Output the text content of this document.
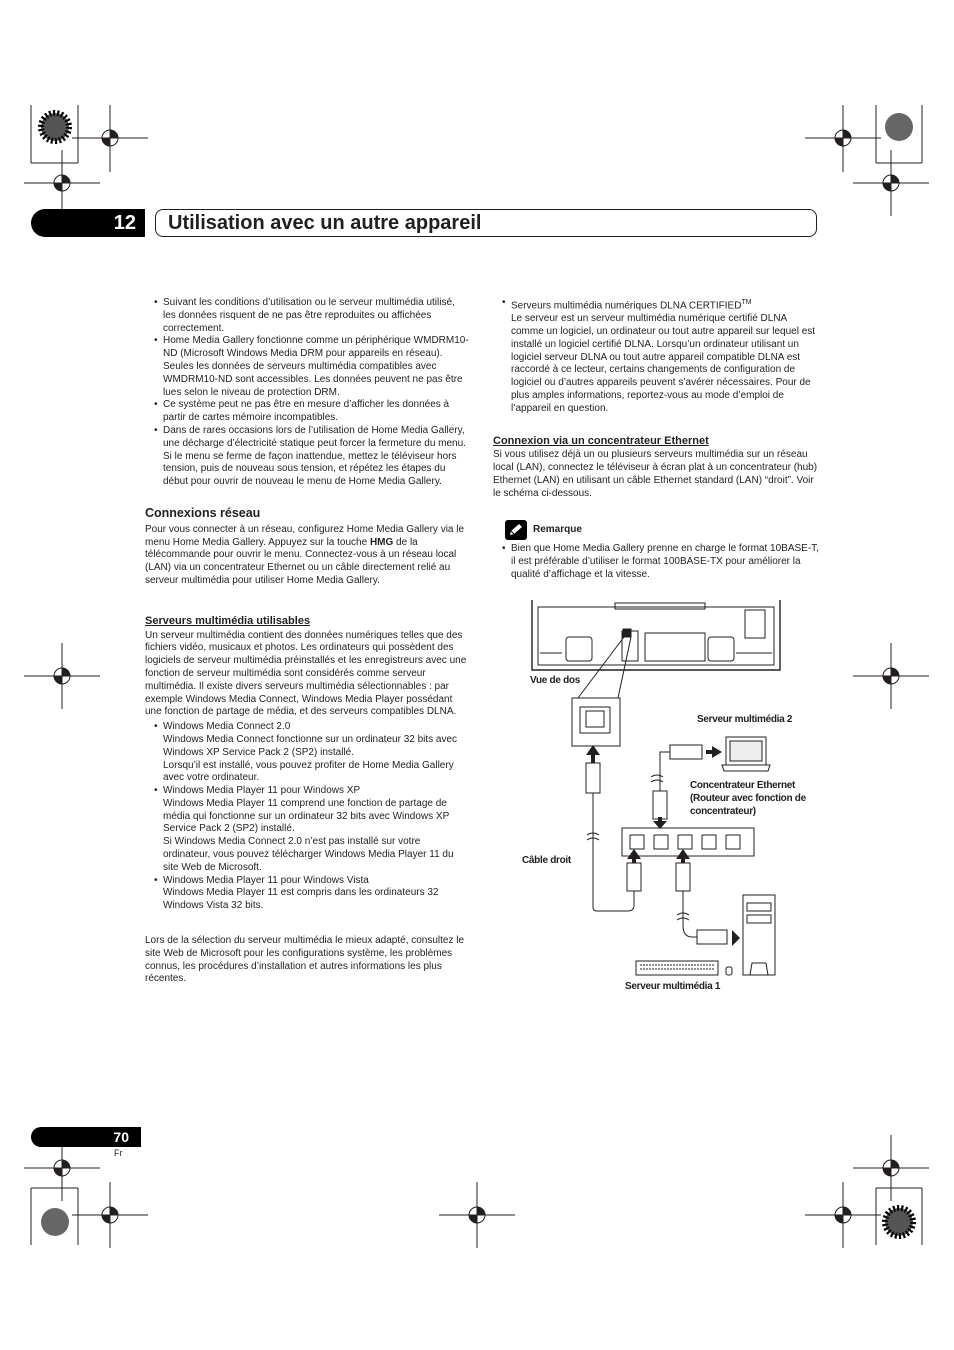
12	Utilisation avec un autre appareil

• Suivant les conditions d’utilisation ou le serveur multimédia utilisé, les données risquent de ne pas être reproduites ou affichées correctement.

• Home Media Gallery fonctionne comme un périphérique WMDRM10-ND (Microsoft Windows Media DRM pour appareils en réseau). Seules les données de serveurs multimédia compatibles avec WMDRM10-ND sont accessibles. Les données peuvent ne pas être lues selon le niveau de protection DRM.

• Ce système peut ne pas être en mesure d’afficher les données à partir de cartes mémoire incompatibles.

• Dans de rares occasions lors de l’utilisation de Home Media Gallery, une décharge d’électricité statique peut forcer la fermeture du menu. Si le menu se ferme de façon inattendue, mettez le téléviseur hors tension, puis de nouveau sous tension, et répétez les étapes du début pour ouvrir de nouveau le menu de Home Media Gallery.

Connexions réseau

Pour vous connecter à un réseau, configurez Home Media Gallery via le menu Home Media Gallery. Appuyez sur la touche HMG de la télécommande pour ouvrir le menu. Connectez-vous à un réseau local (LAN) via un concentrateur Ethernet ou un câble directement relié au serveur multimédia pour utiliser Home Media Gallery.

Serveurs multimédia utilisables

Un serveur multimédia contient des données numériques telles que des fichiers vidéo, musicaux et photos. Les ordinateurs qui possèdent des logiciels de serveur multimédia préinstallés et les enregistreurs avec une fonction de serveur multimédia sont considérés comme serveur multimédia. Il existe divers serveurs multimédia sélectionnables : par exemple Windows Media Connect, Windows Media Player possédant une fonction de partage de média, et des serveurs compatibles DLNA.

• Windows Media Connect 2.0

Windows Media Connect fonctionne sur un ordinateur 32 bits avec Windows XP Service Pack 2 (SP2) installé.

Lorsqu’il est installé, vous pouvez profiter de Home Media Gallery avec votre ordinateur.

• Windows Media Player 11 pour Windows XP

Windows Media Player 11 comprend une fonction de partage de média qui fonctionne sur un ordinateur 32 bits avec Windows XP Service Pack 2 (SP2) installé.

Si Windows Media Connect 2.0 n’est pas installé sur votre ordinateur, vous pouvez télécharger Windows Media Player 11 du site Web de Microsoft.

• Windows Media Player 11 pour Windows Vista

Windows Media Player 11 est compris dans les ordinateurs 32 Windows Vista 32 bits.

Lors de la sélection du serveur multimédia le mieux adapté, consultez le site Web de Microsoft pour les configurations système, les problèmes connus, les procédures d’installation et autres informations les plus récentes.

• Serveurs multimédia numériques DLNA CERTIFIED™

Le serveur est un serveur multimédia numérique certifié DLNA comme un logiciel, un ordinateur ou tout autre appareil sur lequel est installé un logiciel certifié DLNA. Lorsqu’un ordinateur utilisant un logiciel serveur DLNA ou tout autre appareil compatible DLNA est raccordé à ce lecteur, certains changements de configuration de logiciel ou d’autres appareils peuvent s’avérer nécessaires. Pour de plus amples informations, reportez-vous au mode d’emploi de l’appareil en question.

Connexion via un concentrateur Ethernet

Si vous utilisez déjà un ou plusieurs serveurs multimédia sur un réseau local (LAN), connectez le téléviseur à écran plat à un concentrateur (hub) Ethernet (LAN) en utilisant un câble Ethernet standard (LAN) “droit”. Voir le schéma ci-dessous.

Remarque

• Bien que Home Media Gallery prenne en charge le format 10BASE-T, il est préférable d’utiliser le format 100BASE-TX pour améliorer la qualité d’affichage et la vitesse.

Vue de dos
Serveur multimédia 2
Concentrateur Ethernet
(Routeur avec fonction de
concentrateur)
Câble droit
Serveur multimédia 1
70
Fr
